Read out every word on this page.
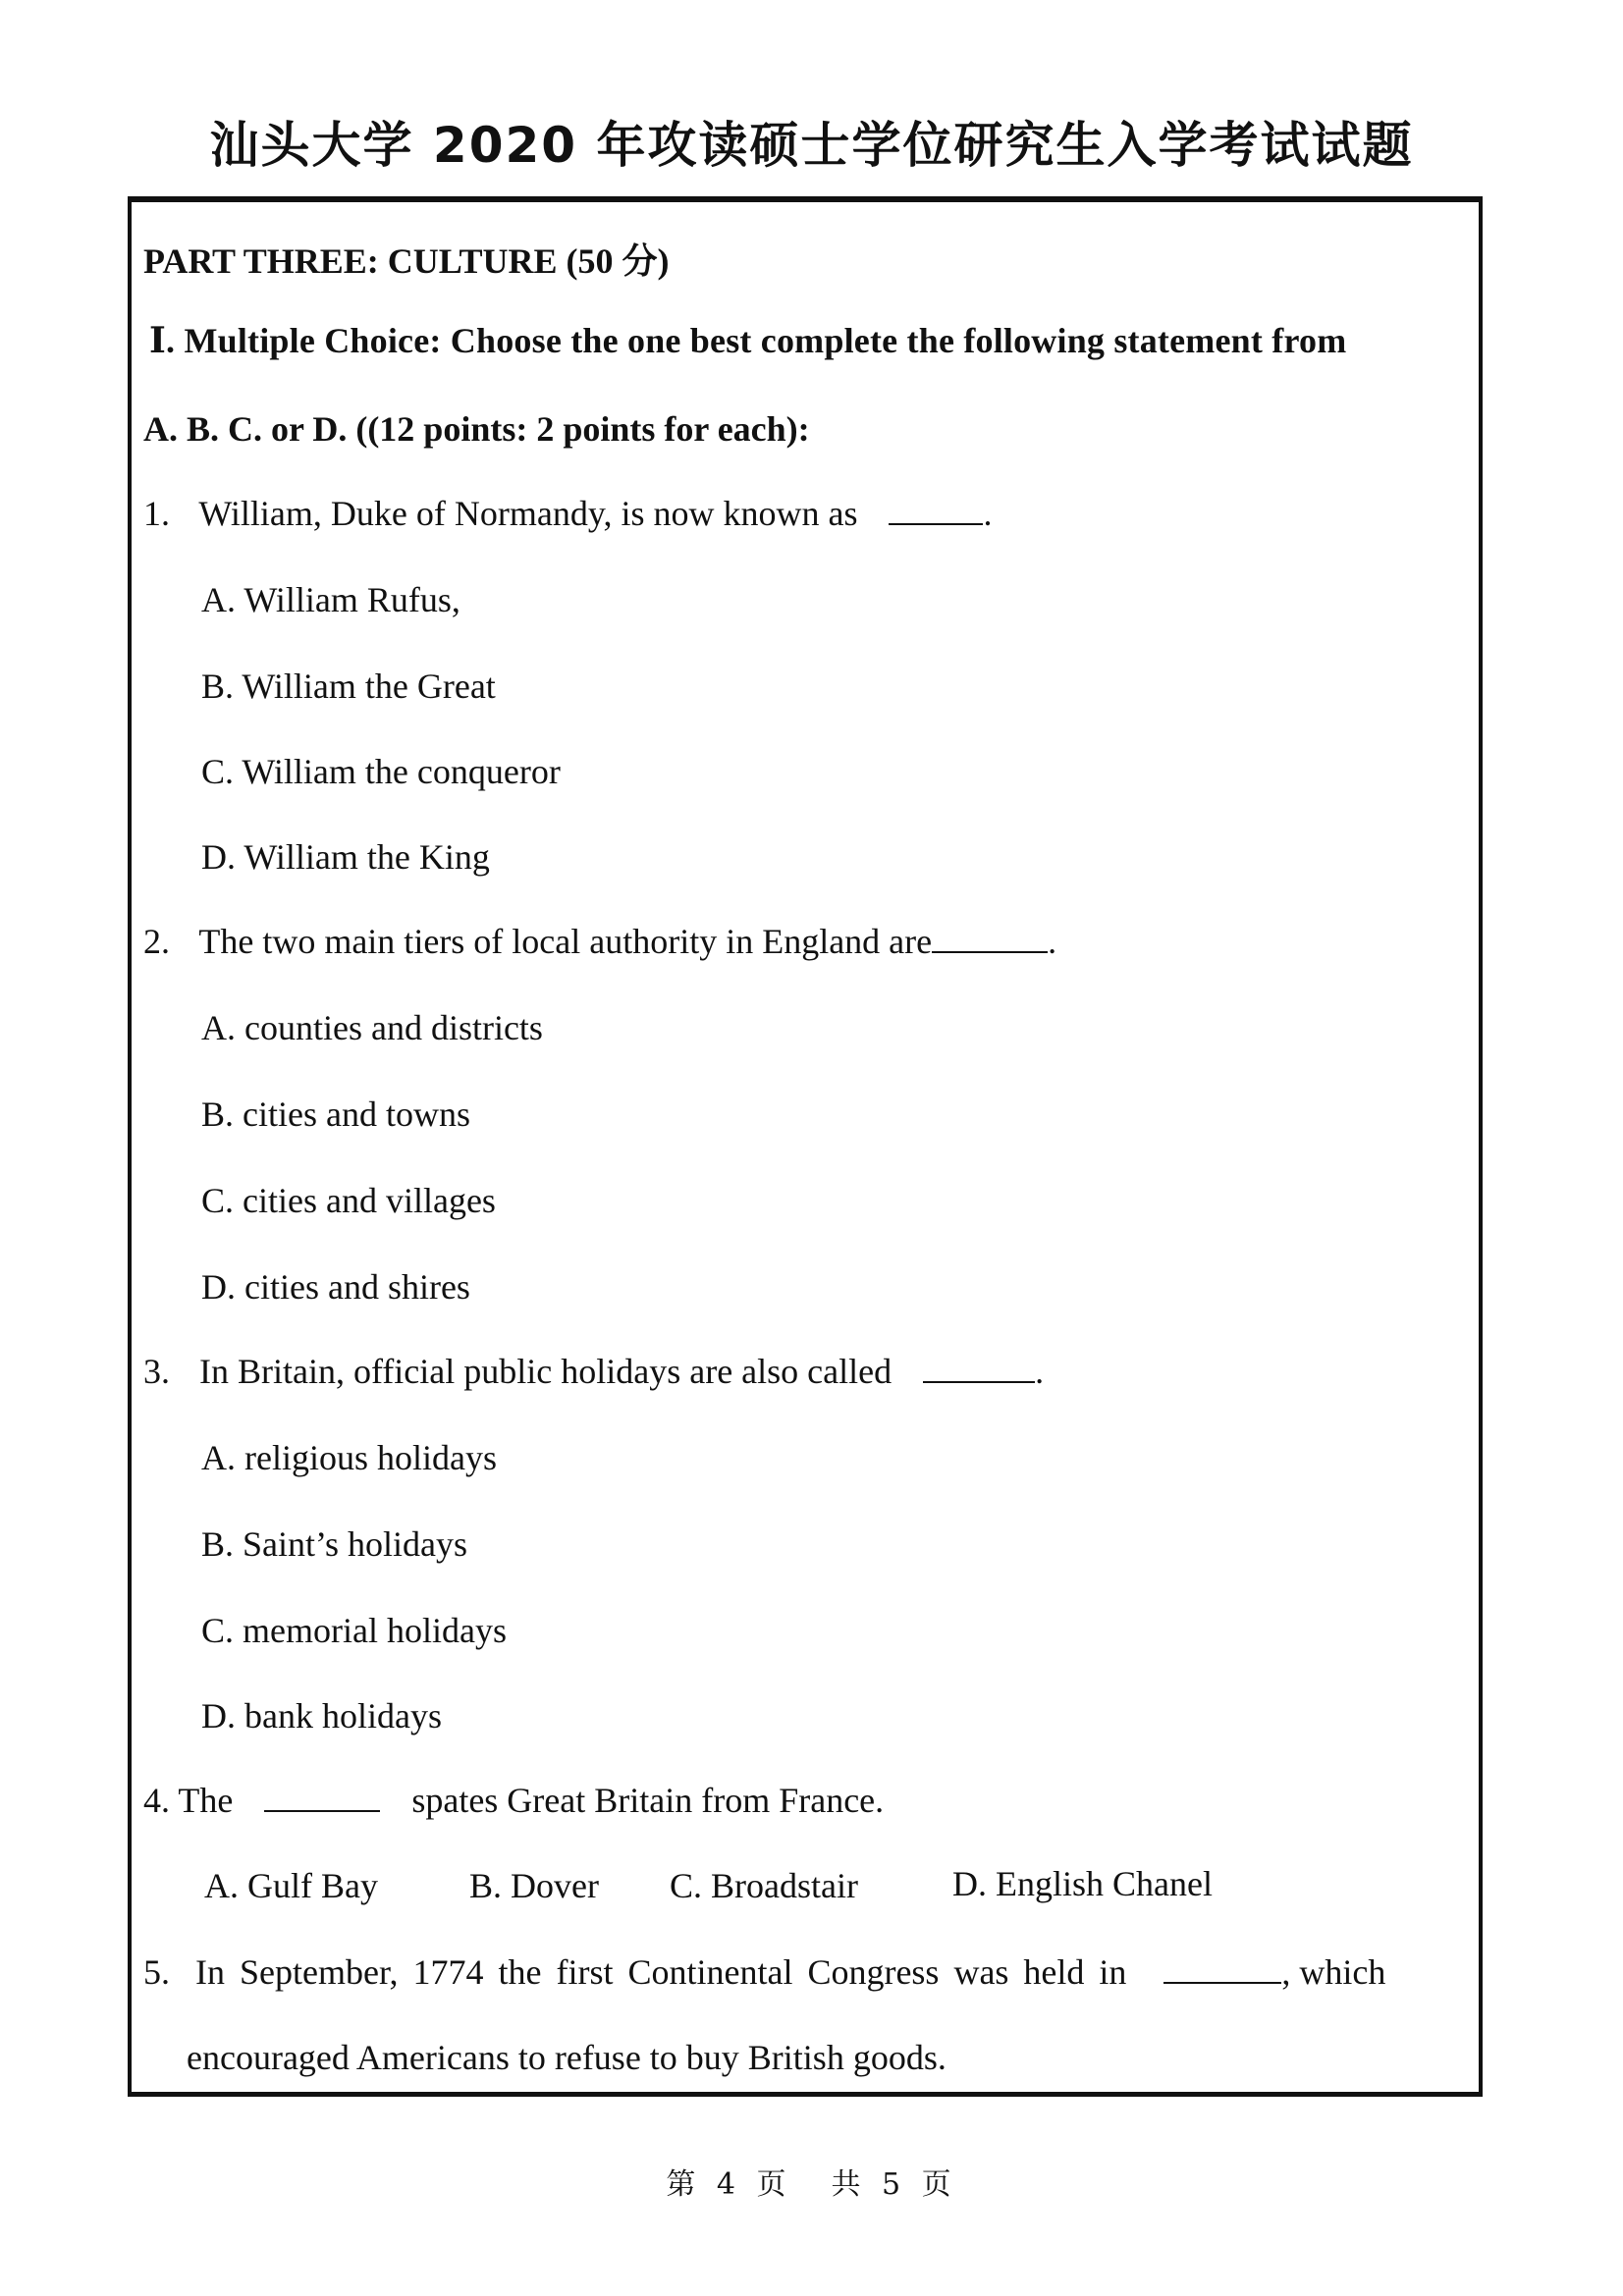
汕头大学 2020 年攻读硕士学位研究生入学考试试题
PART THREE: CULTURE (50 分)
Ⅰ. Multiple Choice: Choose the one best complete the following statement from
A. B. C. or D. ((12 points: 2 points for each):
1. William, Duke of Normandy, is now known as	.
A. William Rufus,
B. William the Great
C. William the conqueror
D. William the King
2. The two main tiers of local authority in England are	.
A. counties and districts
B. cities and towns
C. cities and villages
D. cities and shires
3. In Britain, official public holidays are also called	.
A. religious holidays
B. Saint’s holidays
C. memorial holidays
D. bank holidays
4. The	spates Great Britain from France.
A. Gulf Bay	B. Dover C. Broadstair	D. English Chanel
5. In September, 1774 the first Continental Congress was held in	, which
encouraged Americans to refuse to buy British goods.
第 4 页 共 5 页
